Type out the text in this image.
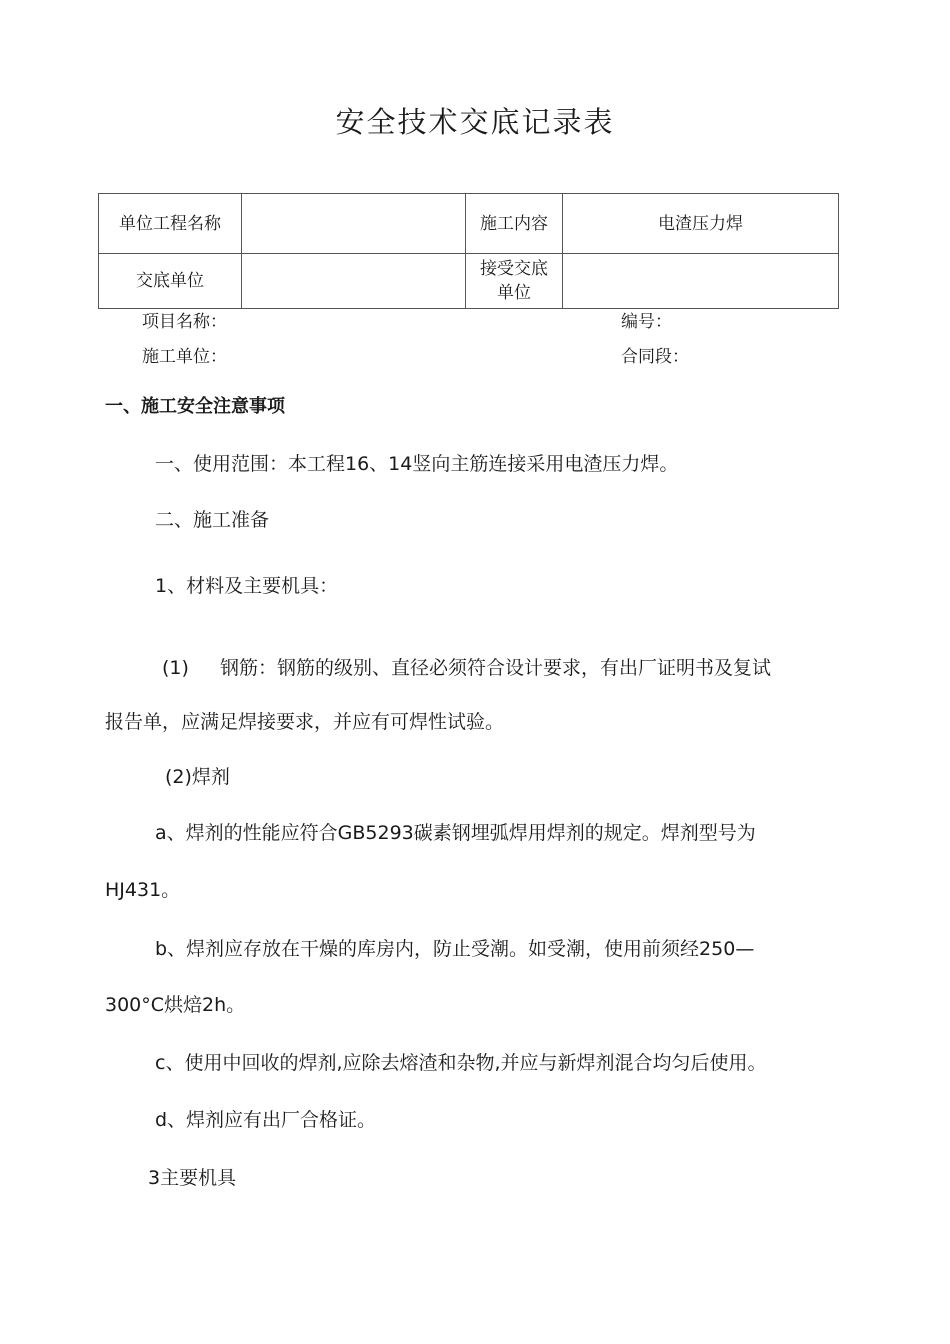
安全技术交底记录表
单位工程名称		施工内容	电渣压力焊
交底单位		接受交底
单位	

项目名称：	编号：
施工单位：	合同段：
一、施工安全注意事项
一、使用范围：本工程16、14竖向主筋连接采用电渣压力焊。
二、施工准备
1、材料及主要机具：
(1) 钢筋：钢筋的级别、直径必须符合设计要求，有出厂证明书及复试
报告单，应满足焊接要求，并应有可焊性试验。
(2)焊剂
a、焊剂的性能应符合GB5293碳素钢埋弧焊用焊剂的规定。焊剂型号为
HJ431。
b、焊剂应存放在干燥的库房内，防止受潮。如受潮，使用前须经250—
300°C烘焙2h。
c、使用中回收的焊剂,应除去熔渣和杂物,并应与新焊剂混合均匀后使用。
d、焊剂应有出厂合格证。
3主要机具
